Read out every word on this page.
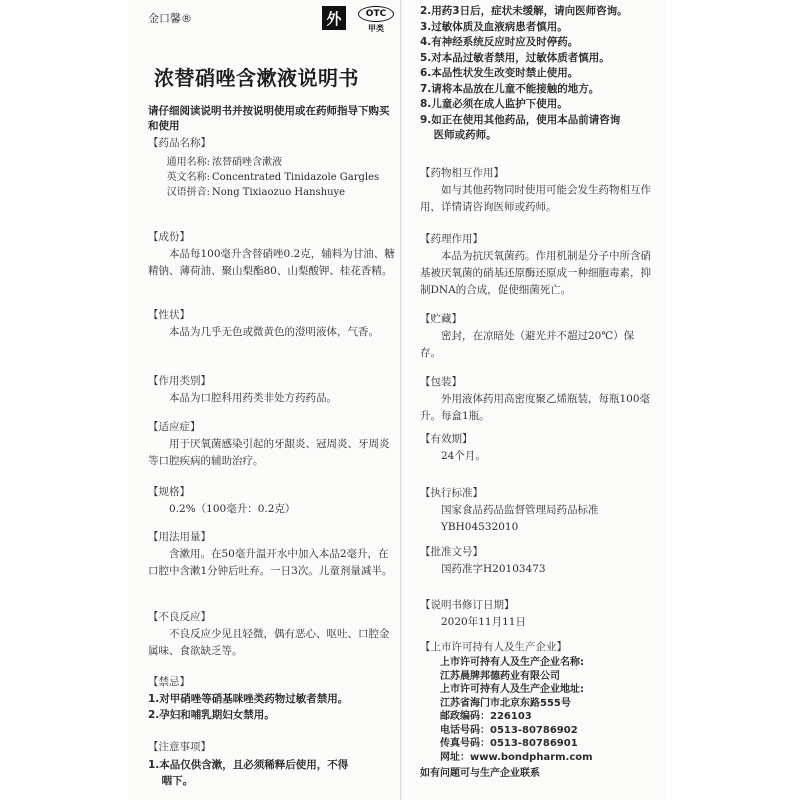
金口馨®	外	OTC
甲类
浓替硝唑含漱液说明书
请仔细阅读说明书并按说明使用或在药师指导下购买和使用
【药品名称】
通用名称: 浓替硝唑含漱液
英文名称: Concentrated Tinidazole Gargles
汉语拼音: Nong Tixiaozuo Hanshuye
【成份】
本品每100毫升含替硝唑0.2克，辅料为甘油、糖精钠、薄荷油、聚山梨酯80、山梨酸钾、桂花香精。
【性状】
本品为几乎无色或微黄色的澄明液体，气香。
【作用类别】
本品为口腔科用药类非处方药药品。
【适应症】
用于厌氧菌感染引起的牙龈炎、冠周炎、牙周炎等口腔疾病的辅助治疗。
【规格】
0.2%（100毫升：0.2克）
【用法用量】
含漱用。在50毫升温开水中加入本品2毫升，在口腔中含漱1分钟后吐弃。一日3次。儿童剂量减半。
【不良反应】
不良反应少见且轻微，偶有恶心、呕吐、口腔金属味、食欲缺乏等。
【禁忌】
1.对甲硝唑等硝基咪唑类药物过敏者禁用。
2.孕妇和哺乳期妇女禁用。
【注意事项】
1.本品仅供含漱，且必须稀释后使用，不得
咽下。
2.用药3日后，症状未缓解，请向医师咨询。
3.过敏体质及血液病患者慎用。
4.有神经系统反应时应及时停药。
5.对本品过敏者禁用，过敏体质者慎用。
6.本品性状发生改变时禁止使用。
7.请将本品放在儿童不能接触的地方。
8.儿童必须在成人监护下使用。
9.如正在使用其他药品，使用本品前请咨询
医师或药师。
【药物相互作用】
如与其他药物同时使用可能会发生药物相互作用，详情请咨询医师或药师。
【药理作用】
本品为抗厌氧菌药。作用机制是分子中所含硝基被厌氧菌的硝基还原酶还原成一种细胞毒素，抑制DNA的合成，促使细菌死亡。
【贮藏】
密封，在凉暗处（避光并不超过20℃）保存。
【包装】
外用液体药用高密度聚乙烯瓶装，每瓶100毫升。每盒1瓶。
【有效期】
24个月。
【执行标准】

国家食品药品监督管理局药品标准

YBH04532010

【批准文号】
国药准字H20103473
【说明书修订日期】
2020年11月11日
【上市许可持有人及生产企业】

上市许可持有人及生产企业名称:

江苏晨牌邦德药业有限公司

上市许可持有人及生产企业地址:

江苏省海门市北京东路555号

邮政编码：226103

电话号码：0513-80786902

传真号码：0513-80786901

网址：www.bondpharm.com

如有问题可与生产企业联系
